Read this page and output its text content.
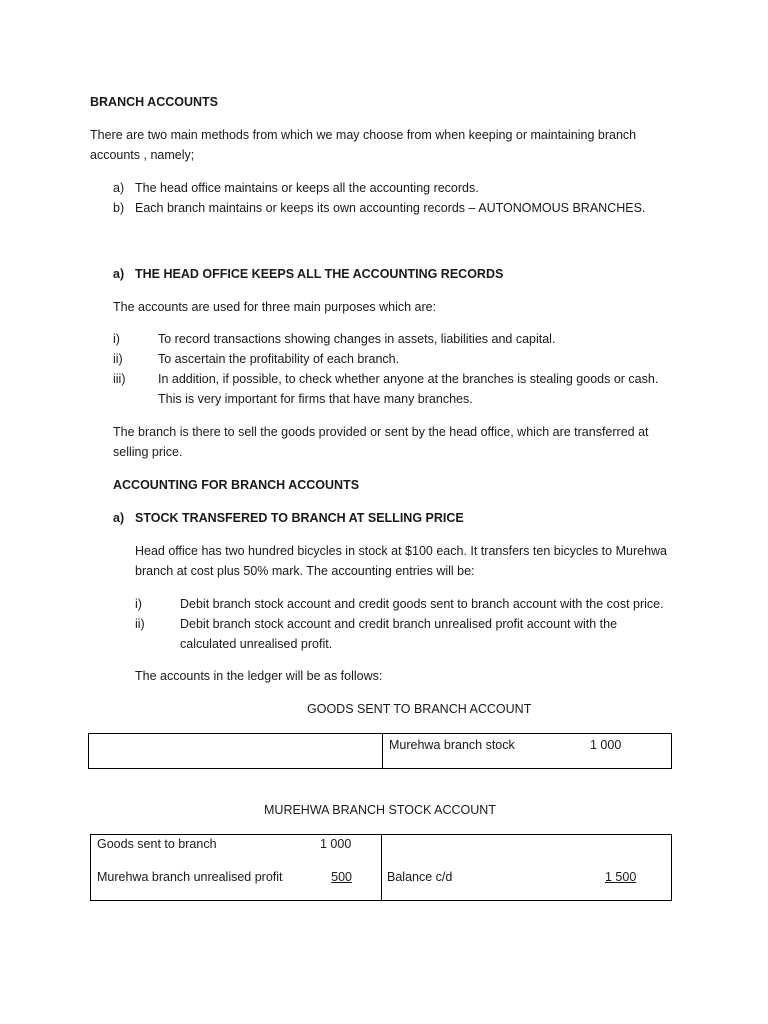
BRANCH ACCOUNTS
There are two main methods from which we may choose from when keeping or maintaining branch
accounts , namely;
a) The head office maintains or keeps all the accounting records.
b) Each branch maintains or keeps its own accounting records – AUTONOMOUS BRANCHES.
a) THE HEAD OFFICE KEEPS ALL THE ACCOUNTING RECORDS
The accounts are used for three main purposes which are:
i)	To record transactions showing changes in assets, liabilities and capital.
ii)	To ascertain the profitability of each branch.
iii)	In addition, if possible, to check whether anyone at the branches is stealing goods or cash.
This is very important for firms that have many branches.
The branch is there to sell the goods provided or sent by the head office, which are transferred at
selling price.
ACCOUNTING FOR BRANCH ACCOUNTS
a) STOCK TRANSFERED TO BRANCH AT SELLING PRICE
Head office has two hundred bicycles in stock at $100 each. It transfers ten bicycles to Murehwa
branch at cost plus 50% mark. The accounting entries will be:
i)	Debit branch stock account and credit goods sent to branch account with the cost price.
ii)	Debit branch stock account and credit branch unrealised profit account with the
calculated unrealised profit.
The accounts in the ledger will be as follows:
GOODS SENT TO BRANCH ACCOUNT
Murehwa branch stock	1 000
MUREHWA BRANCH STOCK ACCOUNT
Goods sent to branch	1 000
Murehwa branch unrealised profit	500	Balance c/d	1 500
